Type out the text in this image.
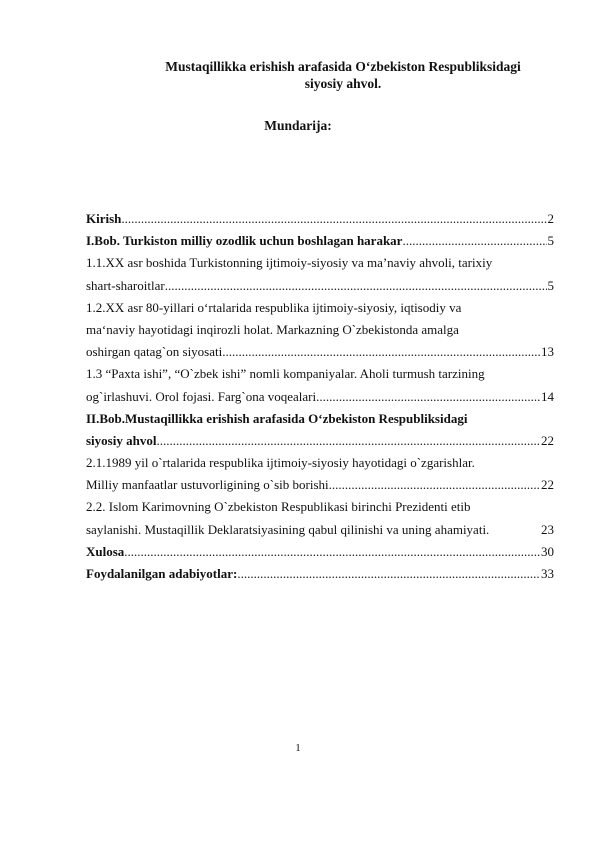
Mustaqillikka erishish arafasida O‘zbekiston Respubliksidagi siyosiy ahvol.
Mundarija:
Kirish .....	2
I.Bob. Turkiston milliy ozodlik uchun boshlagan harakar .....	5
1.1.XX asr boshida Turkistonning ijtimoiy-siyosiy va ma’naviy ahvoli, tarixiy
shart-sharoitlar .....	5
1.2.XX asr 80-yillari o‘rtalarida respublika ijtimoiy-siyosiy, iqtisodiy va
ma‘naviy hayotidagi inqirozli holat. Markazning O`zbekistonda amalga
oshirgan qatag`on siyosati .....	13
1.3 “Paxta ishi”, “O`zbek ishi” nomli kompaniyalar. Aholi turmush tarzining
og`irlashuvi. Orol fojasi. Farg`ona voqealari .....	14
II.Bob.Mustaqillikka erishish arafasida O‘zbekiston Respubliksidagi
siyosiy ahvol .....	22
2.1.1989 yil o`rtalarida respublika ijtimoiy-siyosiy hayotidagi o`zgarishlar.
Milliy manfaatlar ustuvorligining o`sib borishi .....	22
2.2. Islom Karimovning O`zbekiston Respublikasi birinchi Prezidenti etib
saylanishi. Mustaqillik Deklaratsiyasining qabul qilinishi va uning ahamiyati.	23
Xulosa .....	30
Foydalanilgan adabiyotlar: .....	33
1
